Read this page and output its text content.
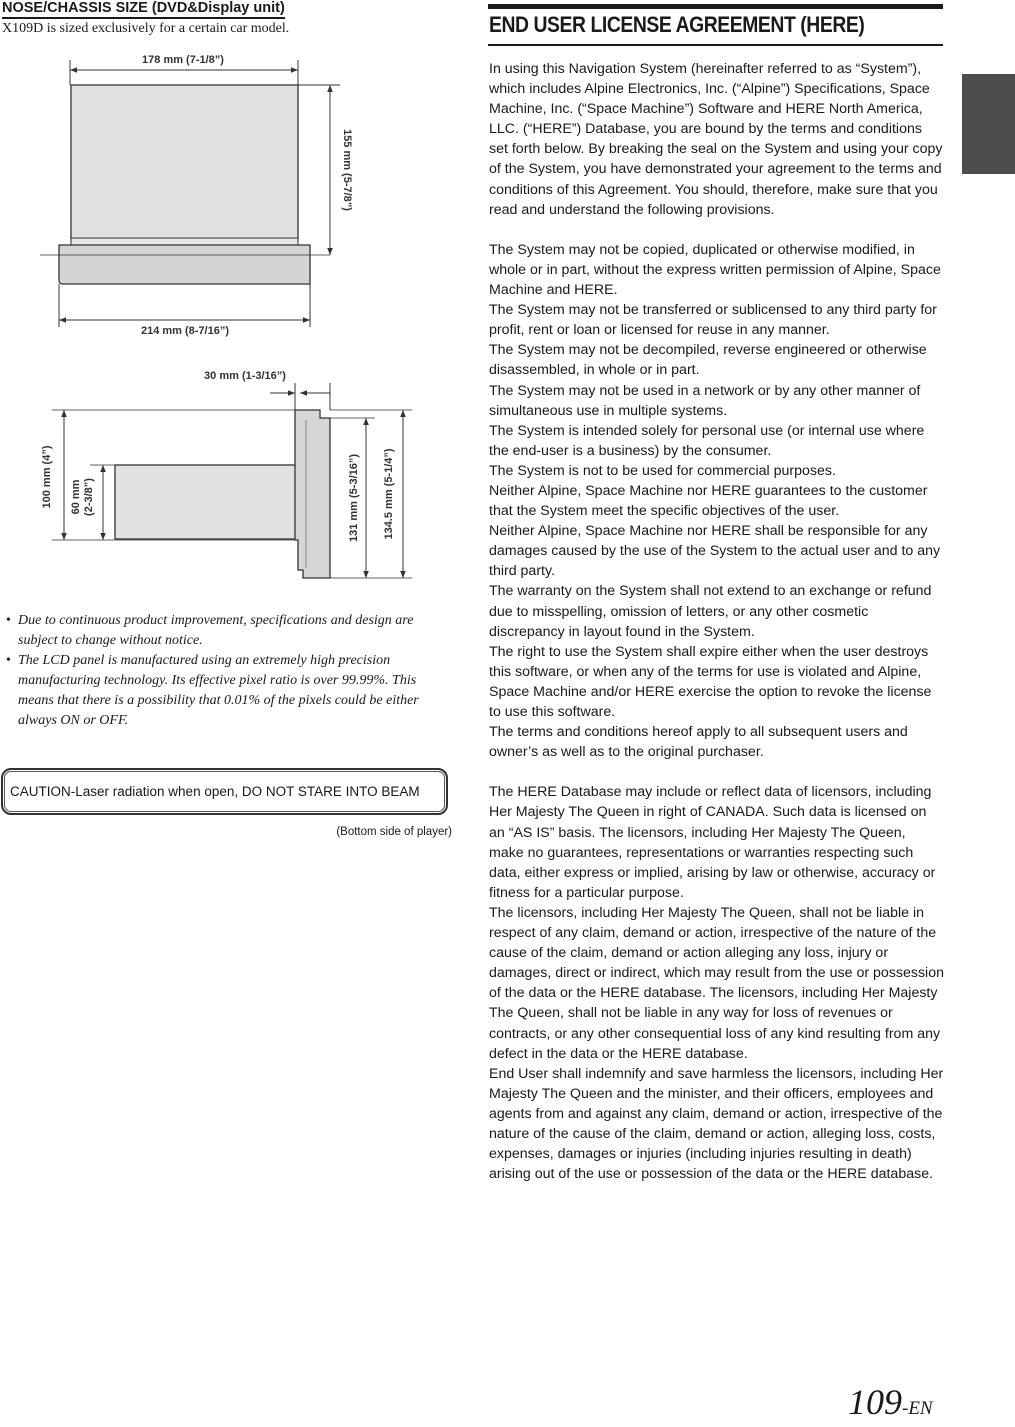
NOSE/CHASSIS SIZE (DVD&Display unit)
X109D is sized exclusively for a certain car model.
178 mm (7-1/8”)
214 mm (8-7/16”)
155 mm (5-7/8”)
30 mm (1-3/16”)
100 mm (4”) 60 mm (2-3/8”)	131 mm (5-3/16”) 134.5 mm (5-1/4”)
• Due to continuous product improvement, specifications and design are subject to change without notice.
• The LCD panel is manufactured using an extremely high precision manufacturing technology. Its effective pixel ratio is over 99.99%. This means that there is a possibility that 0.01% of the pixels could be either always ON or OFF.
CAUTION-Laser radiation when open, DO NOT STARE INTO BEAM
(Bottom side of player)
END USER LICENSE AGREEMENT (HERE)

In using this Navigation System (hereinafter referred to as “System”), which includes Alpine Electronics, Inc. (“Alpine”) Specifications, Space Machine, Inc. (“Space Machine”) Software and HERE North America, LLC. (“HERE”) Database, you are bound by the terms and conditions set forth below. By breaking the seal on the System and using your copy of the System, you have demonstrated your agreement to the terms and conditions of this Agreement. You should, therefore, make sure that you read and understand the following provisions.

The System may not be copied, duplicated or otherwise modified, in whole or in part, without the express written permission of Alpine, Space Machine and HERE.

The System may not be transferred or sublicensed to any third party for profit, rent or loan or licensed for reuse in any manner.

The System may not be decompiled, reverse engineered or otherwise disassembled, in whole or in part.

The System may not be used in a network or by any other manner of simultaneous use in multiple systems.

The System is intended solely for personal use (or internal use where the end-user is a business) by the consumer.

The System is not to be used for commercial purposes.

Neither Alpine, Space Machine nor HERE guarantees to the customer that the System meet the specific objectives of the user.

Neither Alpine, Space Machine nor HERE shall be responsible for any damages caused by the use of the System to the actual user and to any third party.

The warranty on the System shall not extend to an exchange or refund due to misspelling, omission of letters, or any other cosmetic discrepancy in layout found in the System.

The right to use the System shall expire either when the user destroys this software, or when any of the terms for use is violated and Alpine, Space Machine and/or HERE exercise the option to revoke the license to use this software.

The terms and conditions hereof apply to all subsequent users and owner’s as well as to the original purchaser.

The HERE Database may include or reflect data of licensors, including Her Majesty The Queen in right of CANADA. Such data is licensed on an “AS IS” basis. The licensors, including Her Majesty The Queen, make no guarantees, representations or warranties respecting such data, either express or implied, arising by law or otherwise, accuracy or fitness for a particular purpose.

The licensors, including Her Majesty The Queen, shall not be liable in respect of any claim, demand or action, irrespective of the nature of the cause of the claim, demand or action alleging any loss, injury or damages, direct or indirect, which may result from the use or possession of the data or the HERE database. The licensors, including Her Majesty The Queen, shall not be liable in any way for loss of revenues or contracts, or any other consequential loss of any kind resulting from any defect in the data or the HERE database.

End User shall indemnify and save harmless the licensors, including Her Majesty The Queen and the minister, and their officers, employees and agents from and against any claim, demand or action, irrespective of the nature of the cause of the claim, demand or action, alleging loss, costs, expenses, damages or injuries (including injuries resulting in death) arising out of the use or possession of the data or the HERE database.

109-EN
